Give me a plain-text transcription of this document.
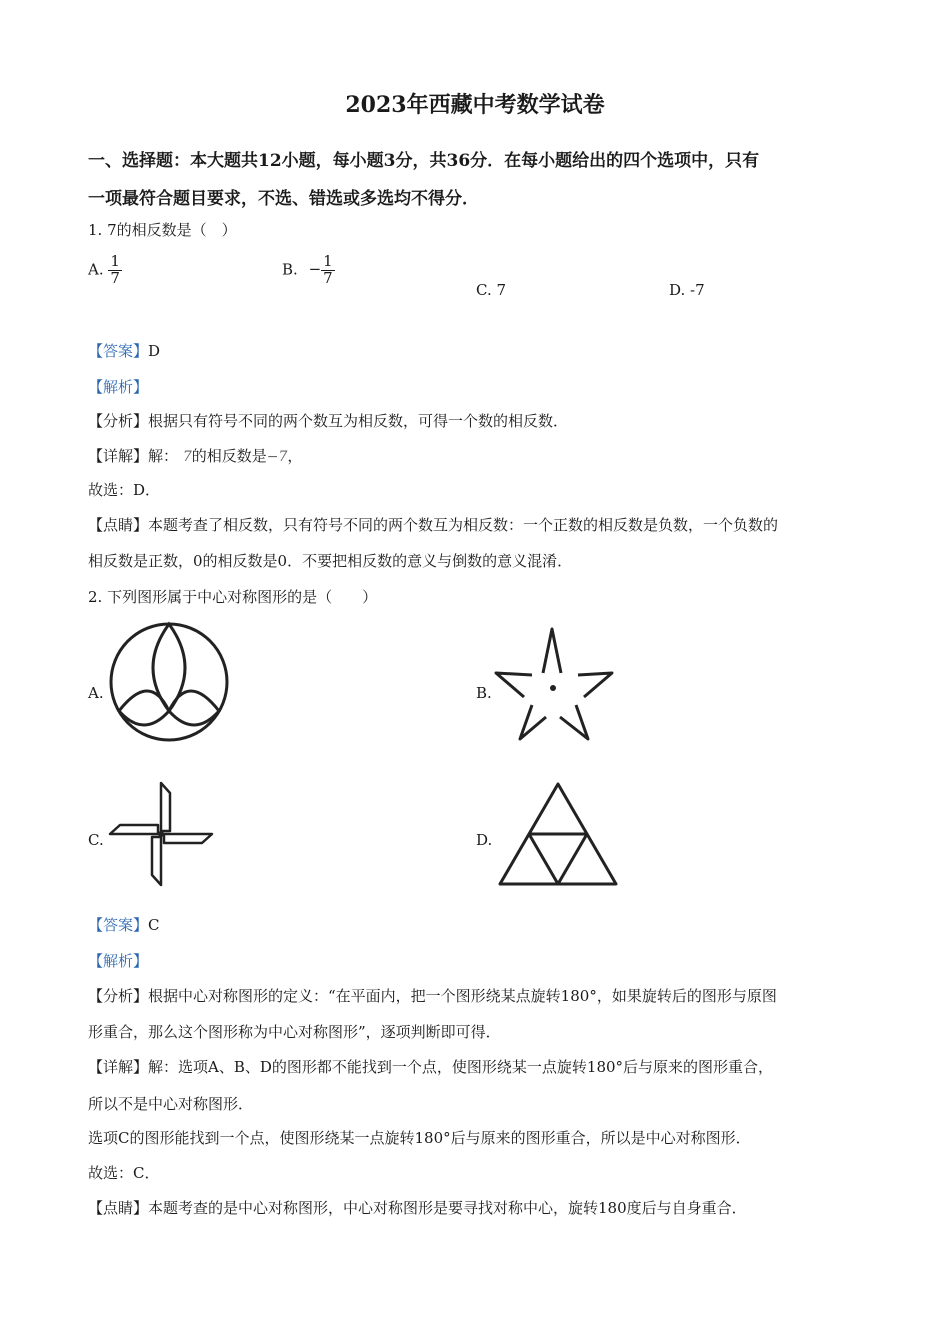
2023年西藏中考数学试卷
一、选择题：本大题共12小题，每小题3分，共36分．在每小题给出的四个选项中，只有
一项最符合题目要求，不选、错选或多选均不得分．
1. 7的相反数是（　）
A. $\frac{1}{7}$	B. − $\frac{1}{7}$
C. 7	D. -7
【答案】D
【解析】
【分析】根据只有符号不同的两个数互为相反数，可得一个数的相反数．
【详解】解： 7的相反数是−7，
故选：D．
【点睛】本题考查了相反数，只有符号不同的两个数互为相反数：一个正数的相反数是负数，一个负数的
相反数是正数，0的相反数是0．不要把相反数的意义与倒数的意义混淆．
2. 下列图形属于中心对称图形的是（　　）
A.	B.
C.	D.
【答案】C
【解析】
【分析】根据中心对称图形的定义：“在平面内，把一个图形绕某点旋转180°，如果旋转后的图形与原图
形重合，那么这个图形称为中心对称图形”，逐项判断即可得．
【详解】解：选项A、B、D的图形都不能找到一个点，使图形绕某一点旋转180°后与原来的图形重合，
所以不是中心对称图形．
选项C的图形能找到一个点，使图形绕某一点旋转180°后与原来的图形重合，所以是中心对称图形．
故选：C．
【点睛】本题考查的是中心对称图形，中心对称图形是要寻找对称中心，旋转180度后与自身重合．
